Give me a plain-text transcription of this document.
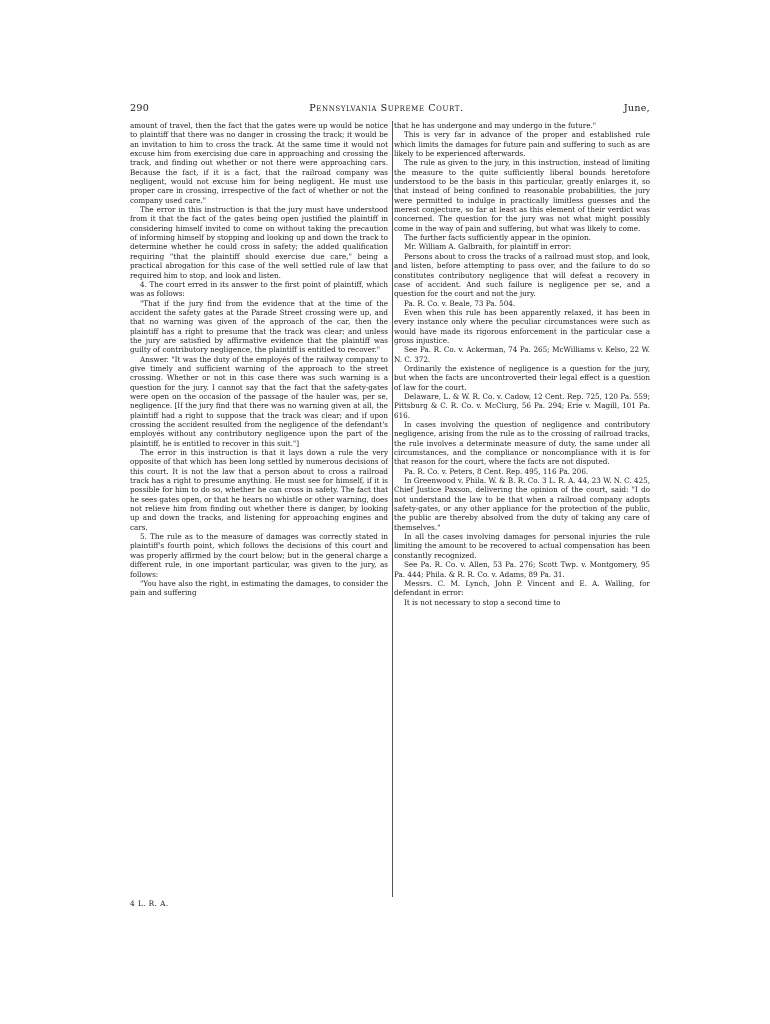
290	Pennsylvania Supreme Court.	June,

amount of travel, then the fact that the gates were up would be notice to plaintiff that there was no danger in crossing the track; it would be an invitation to him to cross the track. At the same time it would not excuse him from exercising due care in approaching and crossing the track, and finding out whether or not there were approaching cars. Because the fact, if it is a fact, that the railroad company was negligent, would not excuse him for being negligent. He must use proper care in crossing, irrespective of the fact of whether or not the company used care."

The error in this instruction is that the jury must have understood from it that the fact of the gates being open justified the plaintiff in considering himself invited to come on without taking the precaution of informing himself by stopping and looking up and down the track to determine whether he could cross in safety; the added qualification requiring "that the plaintiff should exercise due care," being a practical abrogation for this case of the well settled rule of law that required him to stop, and look and listen.

4. The court erred in its answer to the first point of plaintiff, which was as follows:

"That if the jury find from the evidence that at the time of the accident the safety gates at the Parade Street crossing were up, and that no warning was given of the approach of the car, then the plaintiff has a right to presume that the track was clear; and unless the jury are satisfied by affirmative evidence that the plaintiff was guilty of contributory negligence, the plaintiff is entitled to recover."

Answer. "It was the duty of the employés of the railway company to give timely and sufficient warning of the approach to the street crossing. Whether or not in this case there was such warning is a question for the jury. I cannot say that the fact that the safety-gates were open on the occasion of the passage of the hauler was, per se, negligence. [If the jury find that there was no warning given at all, the plaintiff had a right to suppose that the track was clear; and if upon crossing the accident resulted from the negligence of the defendant's employés without any contributory negligence upon the part of the plaintiff, he is entitled to recover in this suit."]

The error in this instruction is that it lays down a rule the very opposite of that which has been long settled by numerous decisions of this court. It is not the law that a person about to cross a railroad track has a right to presume anything. He must see for himself, if it is possible for him to do so, whether he can cross in safety. The fact that he sees gates open, or that he hears no whistle or other warning, does not relieve him from finding out whether there is danger, by looking up and down the tracks, and listening for approaching engines and cars.

5. The rule as to the measure of damages was correctly stated in plaintiff's fourth point, which follows the decisions of this court and was properly affirmed by the court below; but in the general charge a different rule, in one important particular, was given to the jury, as follows:

"You have also the right, in estimating the damages, to consider the pain and suffering

that he has undergone and may undergo in the future."

This is very far in advance of the proper and established rule which limits the damages for future pain and suffering to such as are likely to be experienced afterwards.

The rule as given to the jury, in this instruction, instead of limiting the measure to the quite sufficiently liberal bounds heretofore understood to be the basis in this particular, greatly enlarges it, so that instead of being confined to reasonable probabilities, the jury were permitted to indulge in practically limitless guesses and the merest conjecture, so far at least as this element of their verdict was concerned. The question for the jury was not what might possibly come in the way of pain and suffering, but what was likely to come.

The further facts sufficiently appear in the opinion.

Mr. William A. Galbraith, for plaintiff in error:

Persons about to cross the tracks of a railroad must stop, and look, and listen, before attempting to pass over, and the failure to do so constitutes contributory negligence that will defeat a recovery in case of accident. And such failure is negligence per se, and a question for the court and not the jury.

Pa. R. Co. v. Beale, 73 Pa. 504.

Even when this rule has been apparently relaxed, it has been in every instance only where the peculiar circumstances were such as would have made its rigorous enforcement in the particular case a gross injustice.

See Pa. R. Co. v. Ackerman, 74 Pa. 265; McWilliams v. Kelso, 22 W. N. C. 372.

Ordinarily the existence of negligence is a question for the jury, but when the facts are uncontroverted their legal effect is a question of law for the court.

Delaware, L. & W. R. Co. v. Cadow, 12 Cent. Rep. 725, 120 Pa. 559; Pittsburg & C. R. Co. v. McClurg, 56 Pa. 294; Erie v. Magill, 101 Pa. 616.

In cases involving the question of negligence and contributory negligence, arising from the rule as to the crossing of railroad tracks, the rule involves a determinate measure of duty, the same under all circumstances, and the compliance or noncompliance with it is for that reason for the court, where the facts are not disputed.

Pa. R. Co. v. Peters, 8 Cent. Rep. 495, 116 Pa. 206.

In Greenwood v. Phila. W. & B. R. Co. 3 L. R. A. 44, 23 W. N. C. 425, Chief Justice Paxson, delivering the opinion of the court, said: "I do not understand the law to be that when a railroad company adopts safety-gates, or any other appliance for the protection of the public, the public are thereby absolved from the duty of taking any care of themselves."

In all the cases involving damages for personal injuries the rule limiting the amount to be recovered to actual compensation has been constantly recognized.

See Pa. R. Co. v. Allen, 53 Pa. 276; Scott Twp. v. Montgomery, 95 Pa. 444; Phila. & R. R. Co. v. Adams, 89 Pa. 31.

Messrs. C. M. Lynch, John P. Vincent and E. A. Walling, for defendant in error:

It is not necessary to stop a second time to

4 L. R. A.
